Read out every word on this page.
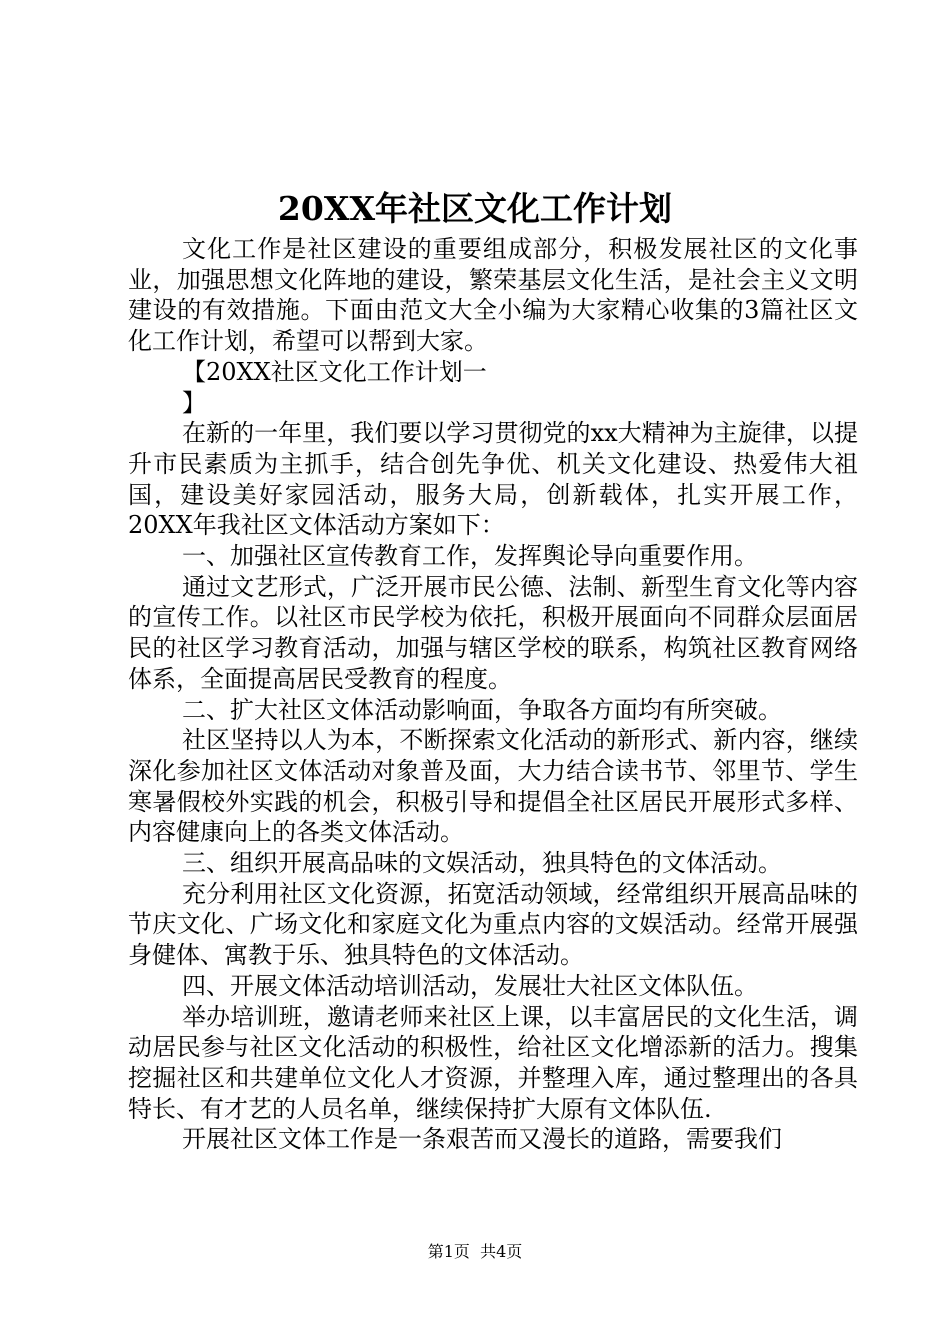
20XX年社区文化工作计划

文化工作是社区建设的重要组成部分，积极发展社区的文化事业，加强思想文化阵地的建设，繁荣基层文化生活，是社会主义文明建设的有效措施。下面由范文大全小编为大家精心收集的3篇社区文化工作计划，希望可以帮到大家。

【20XX社区文化工作计划一

】

在新的一年里，我们要以学习贯彻党的xx大精神为主旋律，以提升市民素质为主抓手，结合创先争优、机关文化建设、热爱伟大祖国，建设美好家园活动，服务大局，创新载体，扎实开展工作，20XX年我社区文体活动方案如下：

一、加强社区宣传教育工作，发挥舆论导向重要作用。

通过文艺形式，广泛开展市民公德、法制、新型生育文化等内容的宣传工作。以社区市民学校为依托，积极开展面向不同群众层面居民的社区学习教育活动，加强与辖区学校的联系，构筑社区教育网络体系，全面提高居民受教育的程度。

二、扩大社区文体活动影响面，争取各方面均有所突破。

社区坚持以人为本，不断探索文化活动的新形式、新内容，继续深化参加社区文体活动对象普及面，大力结合读书节、邻里节、学生寒暑假校外实践的机会，积极引导和提倡全社区居民开展形式多样、内容健康向上的各类文体活动。

三、组织开展高品味的文娱活动，独具特色的文体活动。

充分利用社区文化资源，拓宽活动领域，经常组织开展高品味的节庆文化、广场文化和家庭文化为重点内容的文娱活动。经常开展强身健体、寓教于乐、独具特色的文体活动。

四、开展文体活动培训活动，发展壮大社区文体队伍。

举办培训班，邀请老师来社区上课，以丰富居民的文化生活，调动居民参与社区文化活动的积极性，给社区文化增添新的活力。搜集挖掘社区和共建单位文化人才资源，并整理入库，通过整理出的各具特长、有才艺的人员名单，继续保持扩大原有文体队伍.

开展社区文体工作是一条艰苦而又漫长的道路，需要我们

第1页  共4页
